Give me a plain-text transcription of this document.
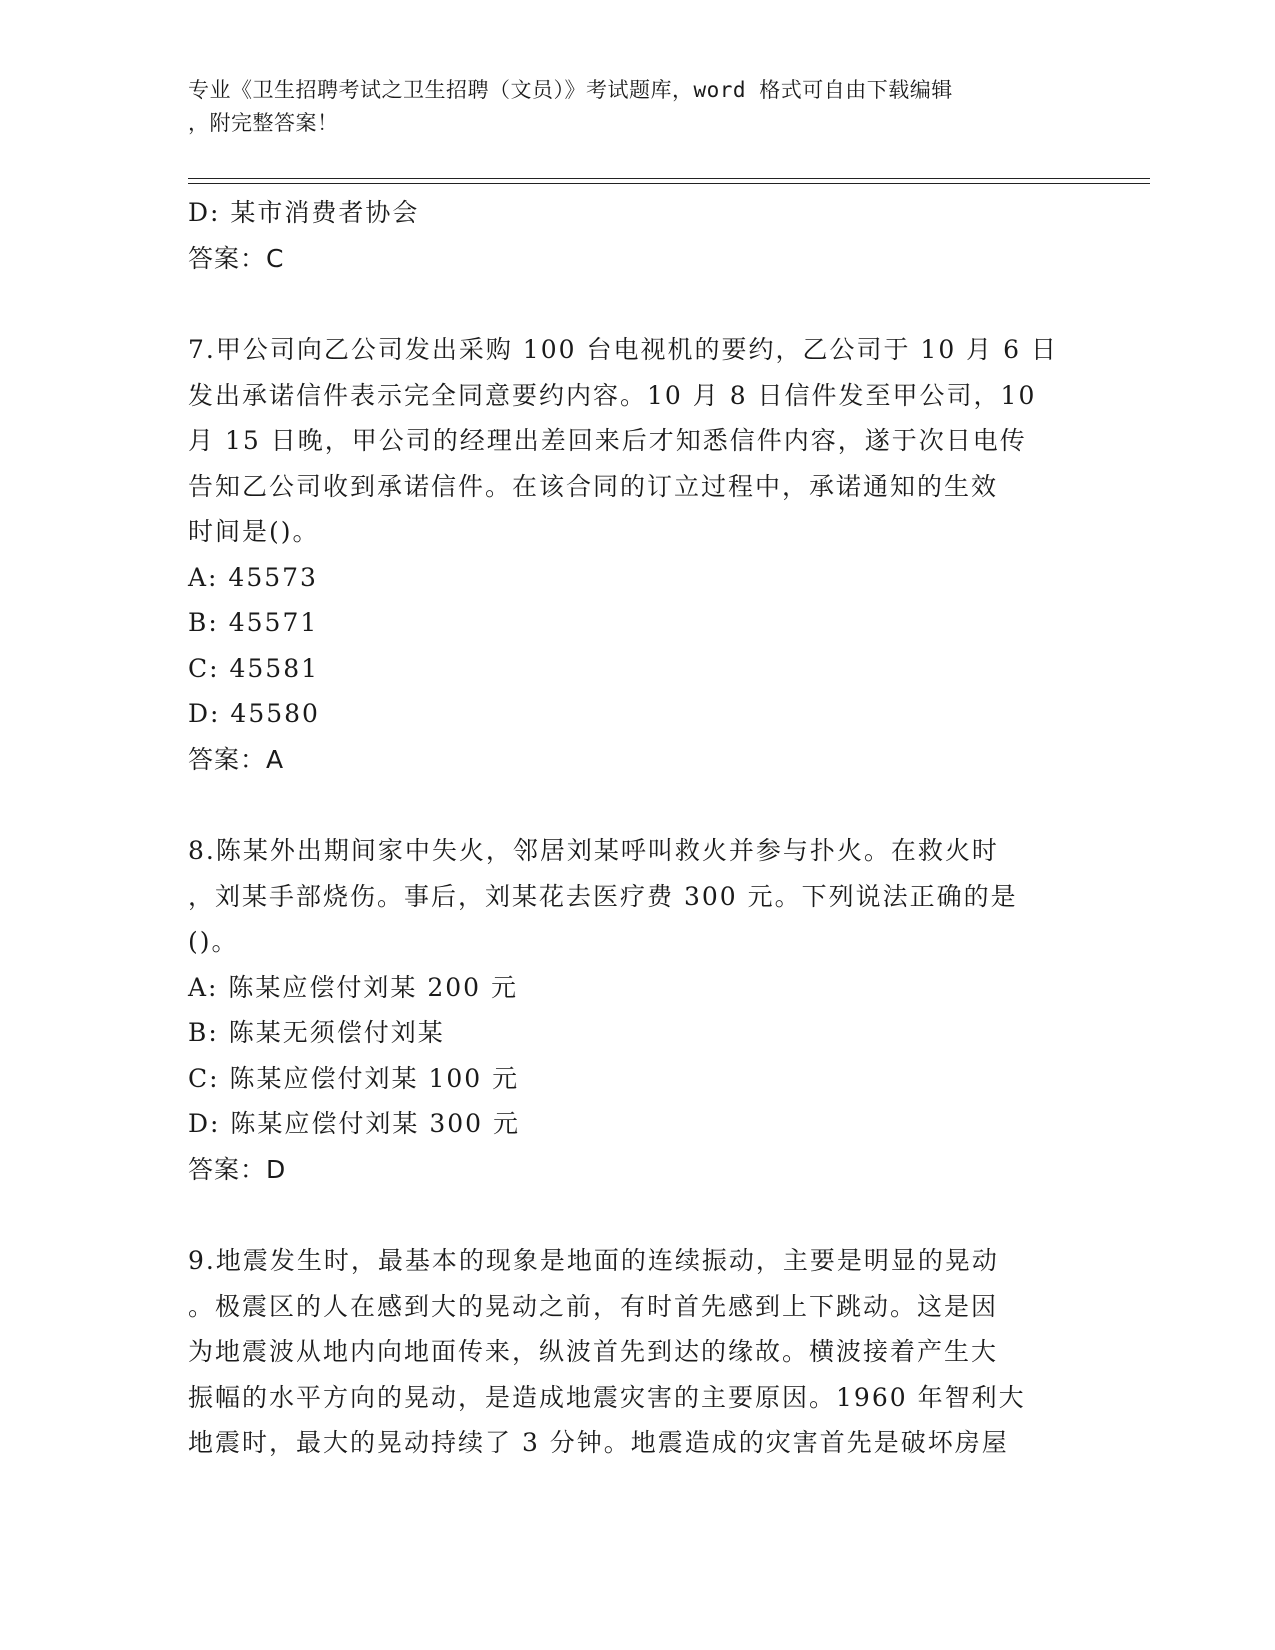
专业《卫生招聘考试之卫生招聘（文员）》考试题库，word 格式可自由下载编辑
，附完整答案！
D: 某市消费者协会
答案：C
7.甲公司向乙公司发出采购 100 台电视机的要约，乙公司于 10 月 6 日
发出承诺信件表示完全同意要约内容。10 月 8 日信件发至甲公司，10
月 15 日晚，甲公司的经理出差回来后才知悉信件内容，遂于次日电传
告知乙公司收到承诺信件。在该合同的订立过程中，承诺通知的生效
时间是()。
A: 45573
B: 45571
C: 45581
D: 45580
答案：A
8.陈某外出期间家中失火，邻居刘某呼叫救火并参与扑火。在救火时
，刘某手部烧伤。事后，刘某花去医疗费 300 元。下列说法正确的是
()。
A: 陈某应偿付刘某 200 元
B: 陈某无须偿付刘某
C: 陈某应偿付刘某 100 元
D: 陈某应偿付刘某 300 元
答案：D
9.地震发生时，最基本的现象是地面的连续振动，主要是明显的晃动
。极震区的人在感到大的晃动之前，有时首先感到上下跳动。这是因
为地震波从地内向地面传来，纵波首先到达的缘故。横波接着产生大
振幅的水平方向的晃动，是造成地震灾害的主要原因。1960 年智利大
地震时，最大的晃动持续了 3 分钟。地震造成的灾害首先是破坏房屋
